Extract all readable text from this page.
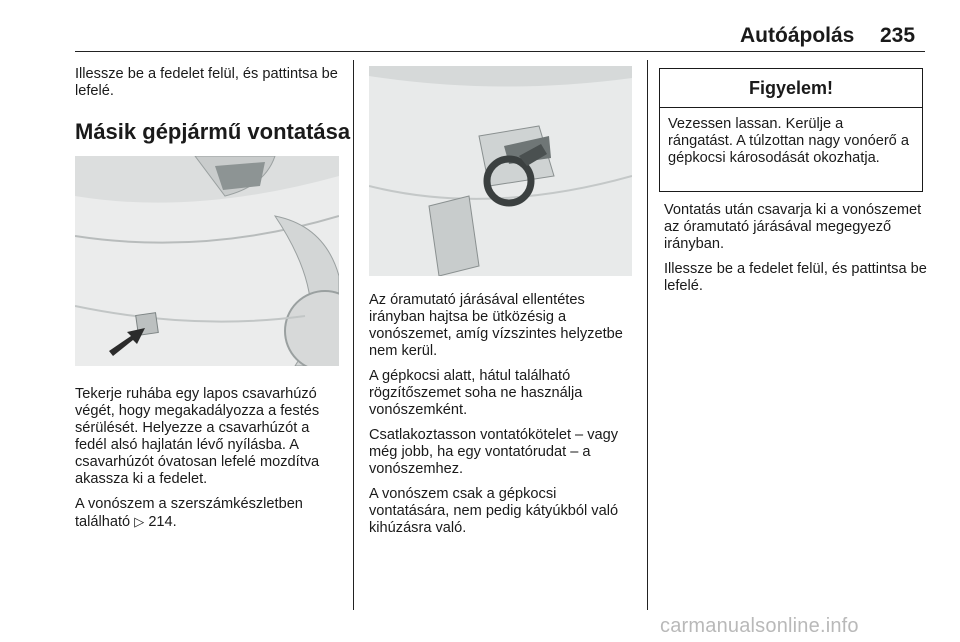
Autóápolás 235

Illessze be a fedelet felül, és pattintsa be lefelé.

Másik gépjármű vontatása

Tekerje ruhába egy lapos csavarhúzó végét, hogy megakadályozza a festés sérülését. Helyezze a csavarhúzót a fedél alsó hajlatán lévő nyílásba. A csavarhúzót óvatosan lefelé mozdítva akassza ki a fedelet.

A vonószem a szerszámkészletben található ▷ 214.

Az óramutató járásával ellentétes irányban hajtsa be ütközésig a vonószemet, amíg vízszintes helyzetbe nem kerül.

A gépkocsi alatt, hátul található rögzítőszemet soha ne használja vonószemként.

Csatlakoztasson vontatókötelet – vagy még jobb, ha egy vontatórudat – a vonószemhez.

A vonószem csak a gépkocsi vontatására, nem pedig kátyúkból való kihúzásra való.

Figyelem!
Vezessen lassan. Kerülje a rángatást. A túlzottan nagy vonóerő a gépkocsi károsodását okozhatja.

Vontatás után csavarja ki a vonószemet az óramutató járásával megegyező irányban.

Illessze be a fedelet felül, és pattintsa be lefelé.

carmanualsonline.info
